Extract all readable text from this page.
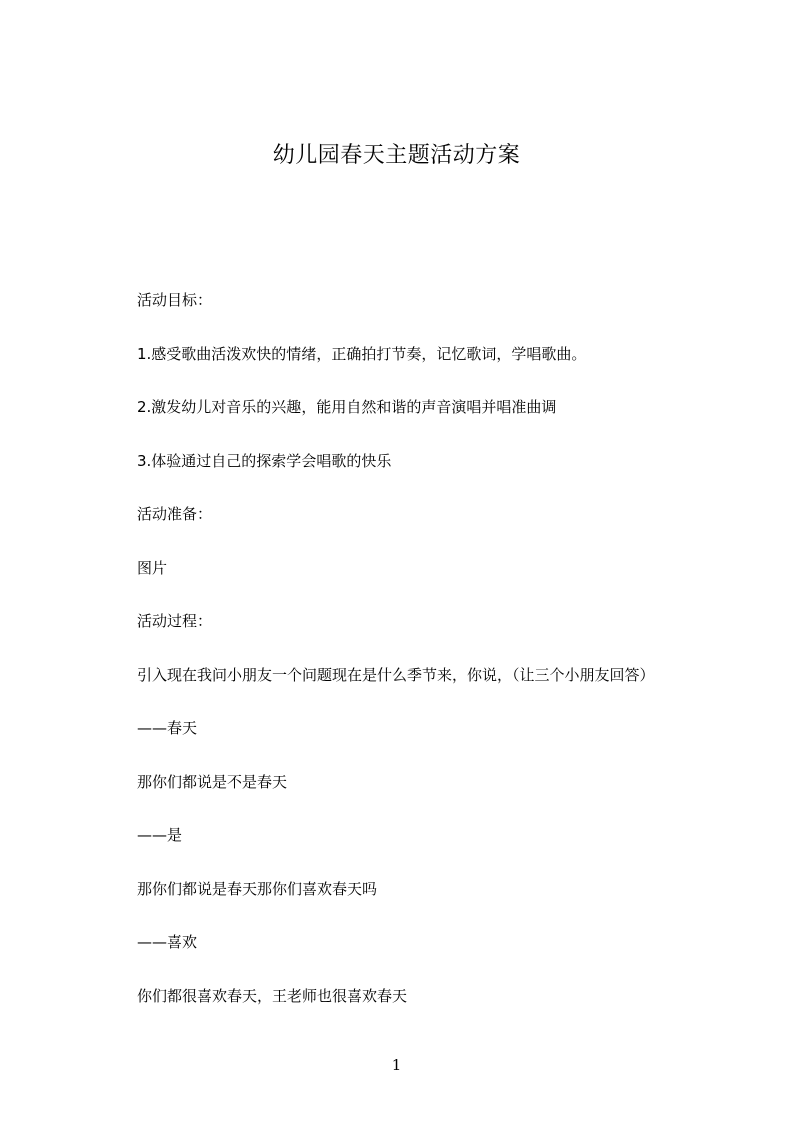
幼儿园春天主题活动方案

活动目标：

1.感受歌曲活泼欢快的情绪，正确拍打节奏，记忆歌词，学唱歌曲。

2.激发幼儿对音乐的兴趣，能用自然和谐的声音演唱并唱准曲调

3.体验通过自己的探索学会唱歌的快乐

活动准备：

图片

活动过程：

引入现在我问小朋友一个问题现在是什么季节来，你说，（让三个小朋友回答）

——春天

那你们都说是不是春天

——是

那你们都说是春天那你们喜欢春天吗

——喜欢

你们都很喜欢春天，王老师也很喜欢春天

1
